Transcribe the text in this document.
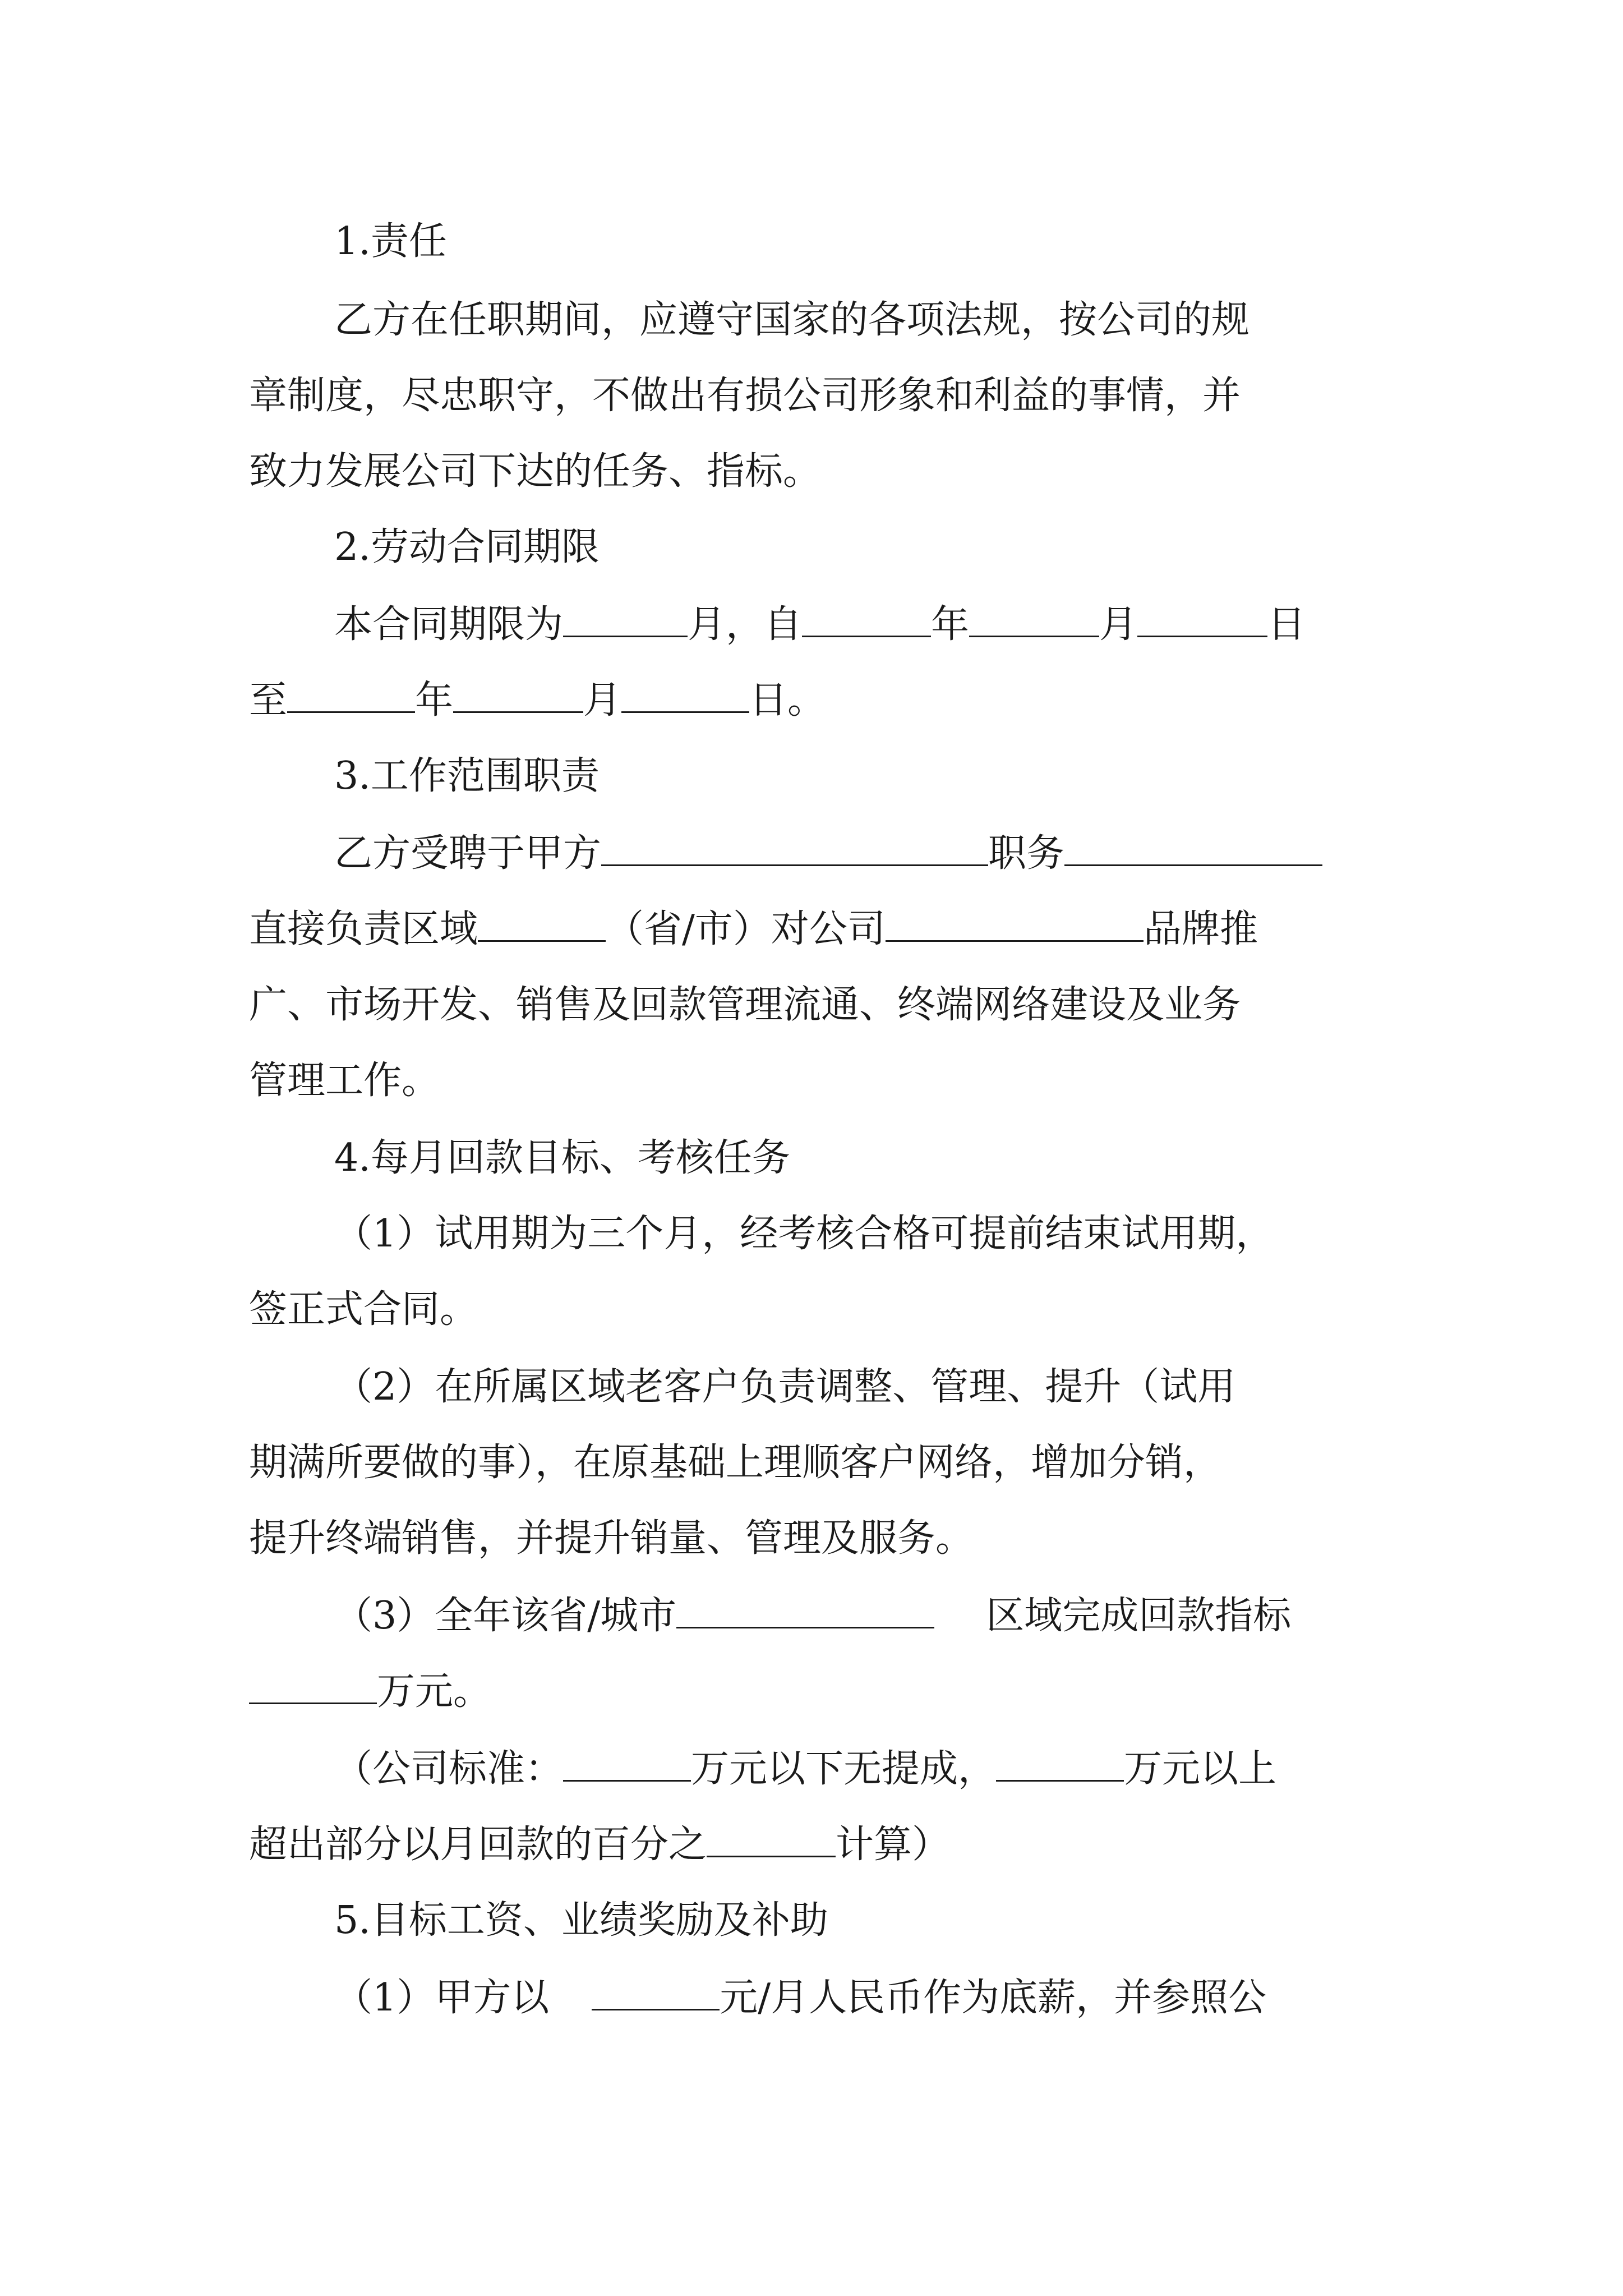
1.责任
乙方在任职期间，应遵守国家的各项法规，按公司的规
章制度，尽忠职守，不做出有损公司形象和利益的事情，并
致力发展公司下达的任务、指标。
2.劳动合同期限
本合同期限为	月，自	年	月	日
至	年	月	日。
3.工作范围职责
乙方受聘于甲方	职务
直接负责区域	（省/市）对公司	品牌推
广、市场开发、销售及回款管理流通、终端网络建设及业务
管理工作。
4.每月回款目标、考核任务
（1）试用期为三个月，经考核合格可提前结束试用期，
签正式合同。
（2）在所属区域老客户负责调整、管理、提升（试用
期满所要做的事），在原基础上理顺客户网络，增加分销，
提升终端销售，并提升销量、管理及服务。
（3）全年该省/城市	区域完成回款指标
万元。
（公司标准：	万元以下无提成，	万元以上
超出部分以月回款的百分之	计算）
5.目标工资、业绩奖励及补助
（1）甲方以	元/月人民币作为底薪，并参照公
